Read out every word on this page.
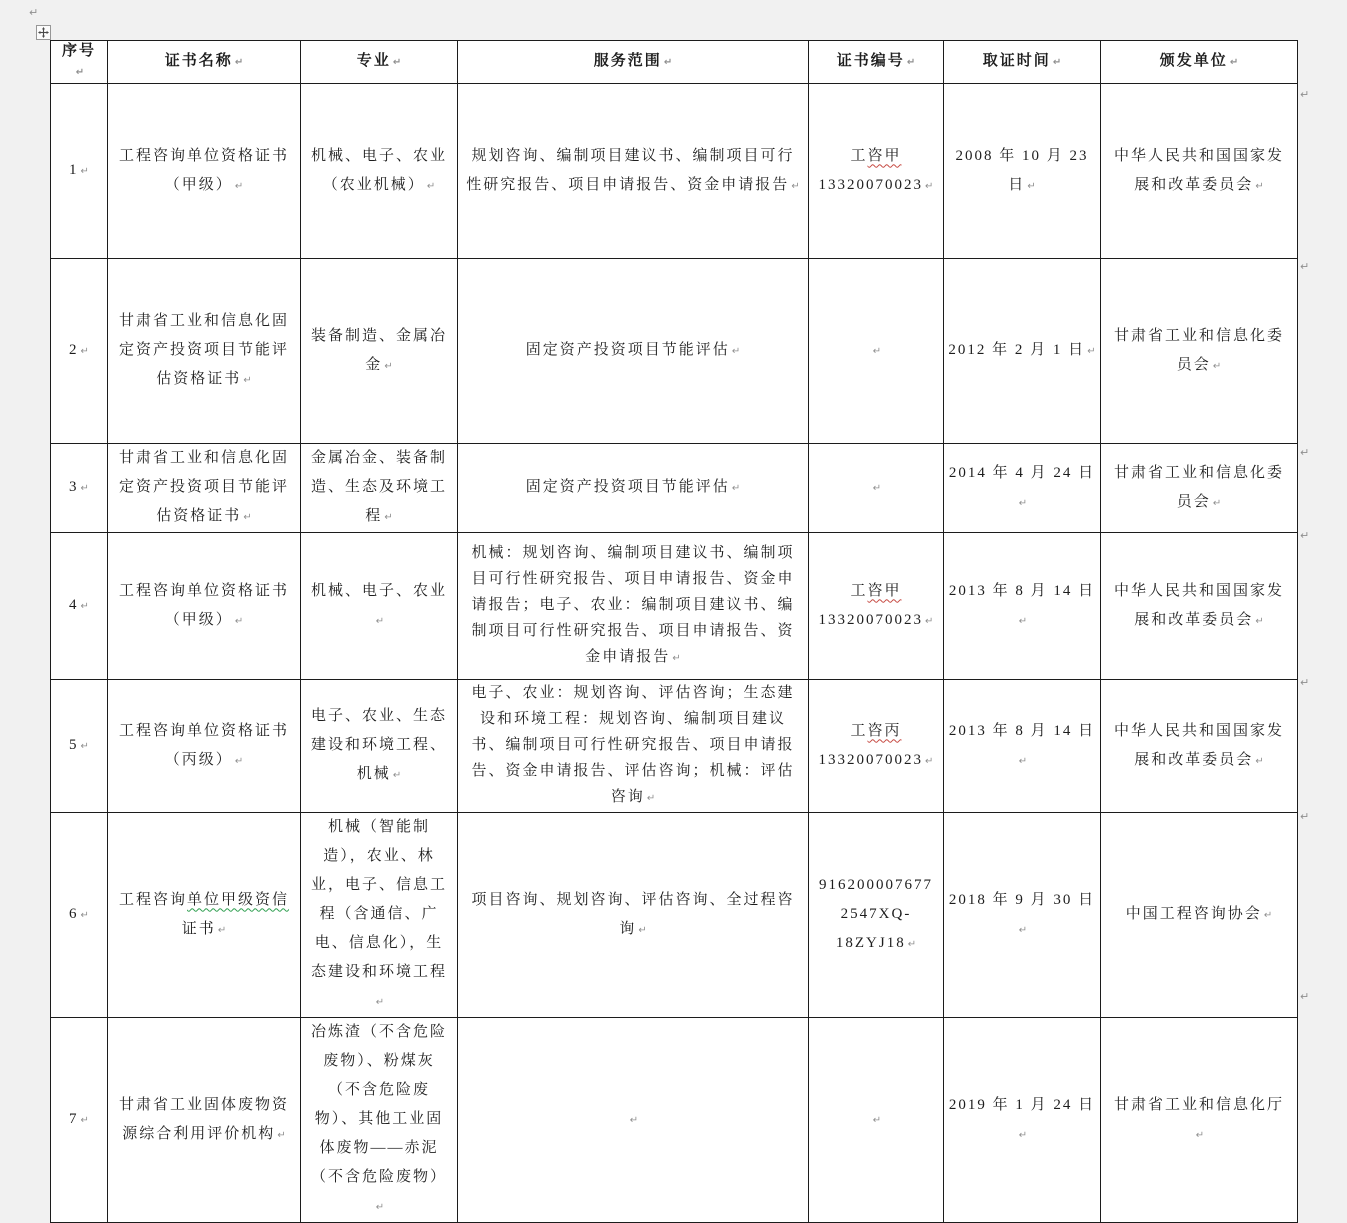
↵
序号↵	证书名称 ↵	专业 ↵	服务范围 ↵	证书编号 ↵	取证时间 ↵	颁发单位 ↵
1 ↵	工程咨询单位资格证书（甲级） ↵	机械、电子、农业（农业机械） ↵	规划咨询、编制项目建议书、编制项目可行性研究报告、项目申请报告、资金申请报告 ↵	工咨甲
13320070023 ↵	2008 年 10 月 23 日 ↵	中华人民共和国国家发展和改革委员会 ↵
2 ↵	甘肃省工业和信息化固定资产投资项目节能评估资格证书 ↵	装备制造、金属冶金 ↵	固定资产投资项目节能评估 ↵	↵	2012 年 2 月 1 日 ↵	甘肃省工业和信息化委员会 ↵
3 ↵	甘肃省工业和信息化固定资产投资项目节能评估资格证书 ↵	金属冶金、装备制造、生态及环境工程 ↵	固定资产投资项目节能评估 ↵	↵	2014 年 4 月 24 日↵	甘肃省工业和信息化委员会 ↵
4 ↵	工程咨询单位资格证书（甲级） ↵	机械、电子、农业↵	机械：规划咨询、编制项目建议书、编制项目可行性研究报告、项目申请报告、资金申请报告；电子、农业：编制项目建议书、编制项目可行性研究报告、项目申请报告、资金申请报告 ↵	工咨甲
13320070023 ↵	2013 年 8 月 14 日↵	中华人民共和国国家发展和改革委员会 ↵
5 ↵	工程咨询单位资格证书（丙级） ↵	电子、农业、生态建设和环境工程、机械 ↵	电子、农业：规划咨询、评估咨询；生态建设和环境工程：规划咨询、编制项目建议书、编制项目可行性研究报告、项目申请报告、资金申请报告、评估咨询；机械：评估咨询 ↵	工咨丙
13320070023 ↵	2013 年 8 月 14 日↵	中华人民共和国国家发展和改革委员会 ↵
6 ↵	工程咨询单位甲级资信证书 ↵	机械（智能制造），农业、林业，电子、信息工程（含通信、广电、信息化），生态建设和环境工程↵	项目咨询、规划咨询、评估咨询、全过程咨询 ↵	916200007677
2547XQ-
18ZYJ18 ↵	2018 年 9 月 30 日↵	中国工程咨询协会 ↵
7 ↵	甘肃省工业固体废物资源综合利用评价机构 ↵	冶炼渣（不含危险废物）、粉煤灰（不含危险废物）、其他工业固体废物——赤泥（不含危险废物）↵	↵	↵	2019 年 1 月 24 日↵	甘肃省工业和信息化厅↵
↵
↵
↵
↵
↵
↵
↵
